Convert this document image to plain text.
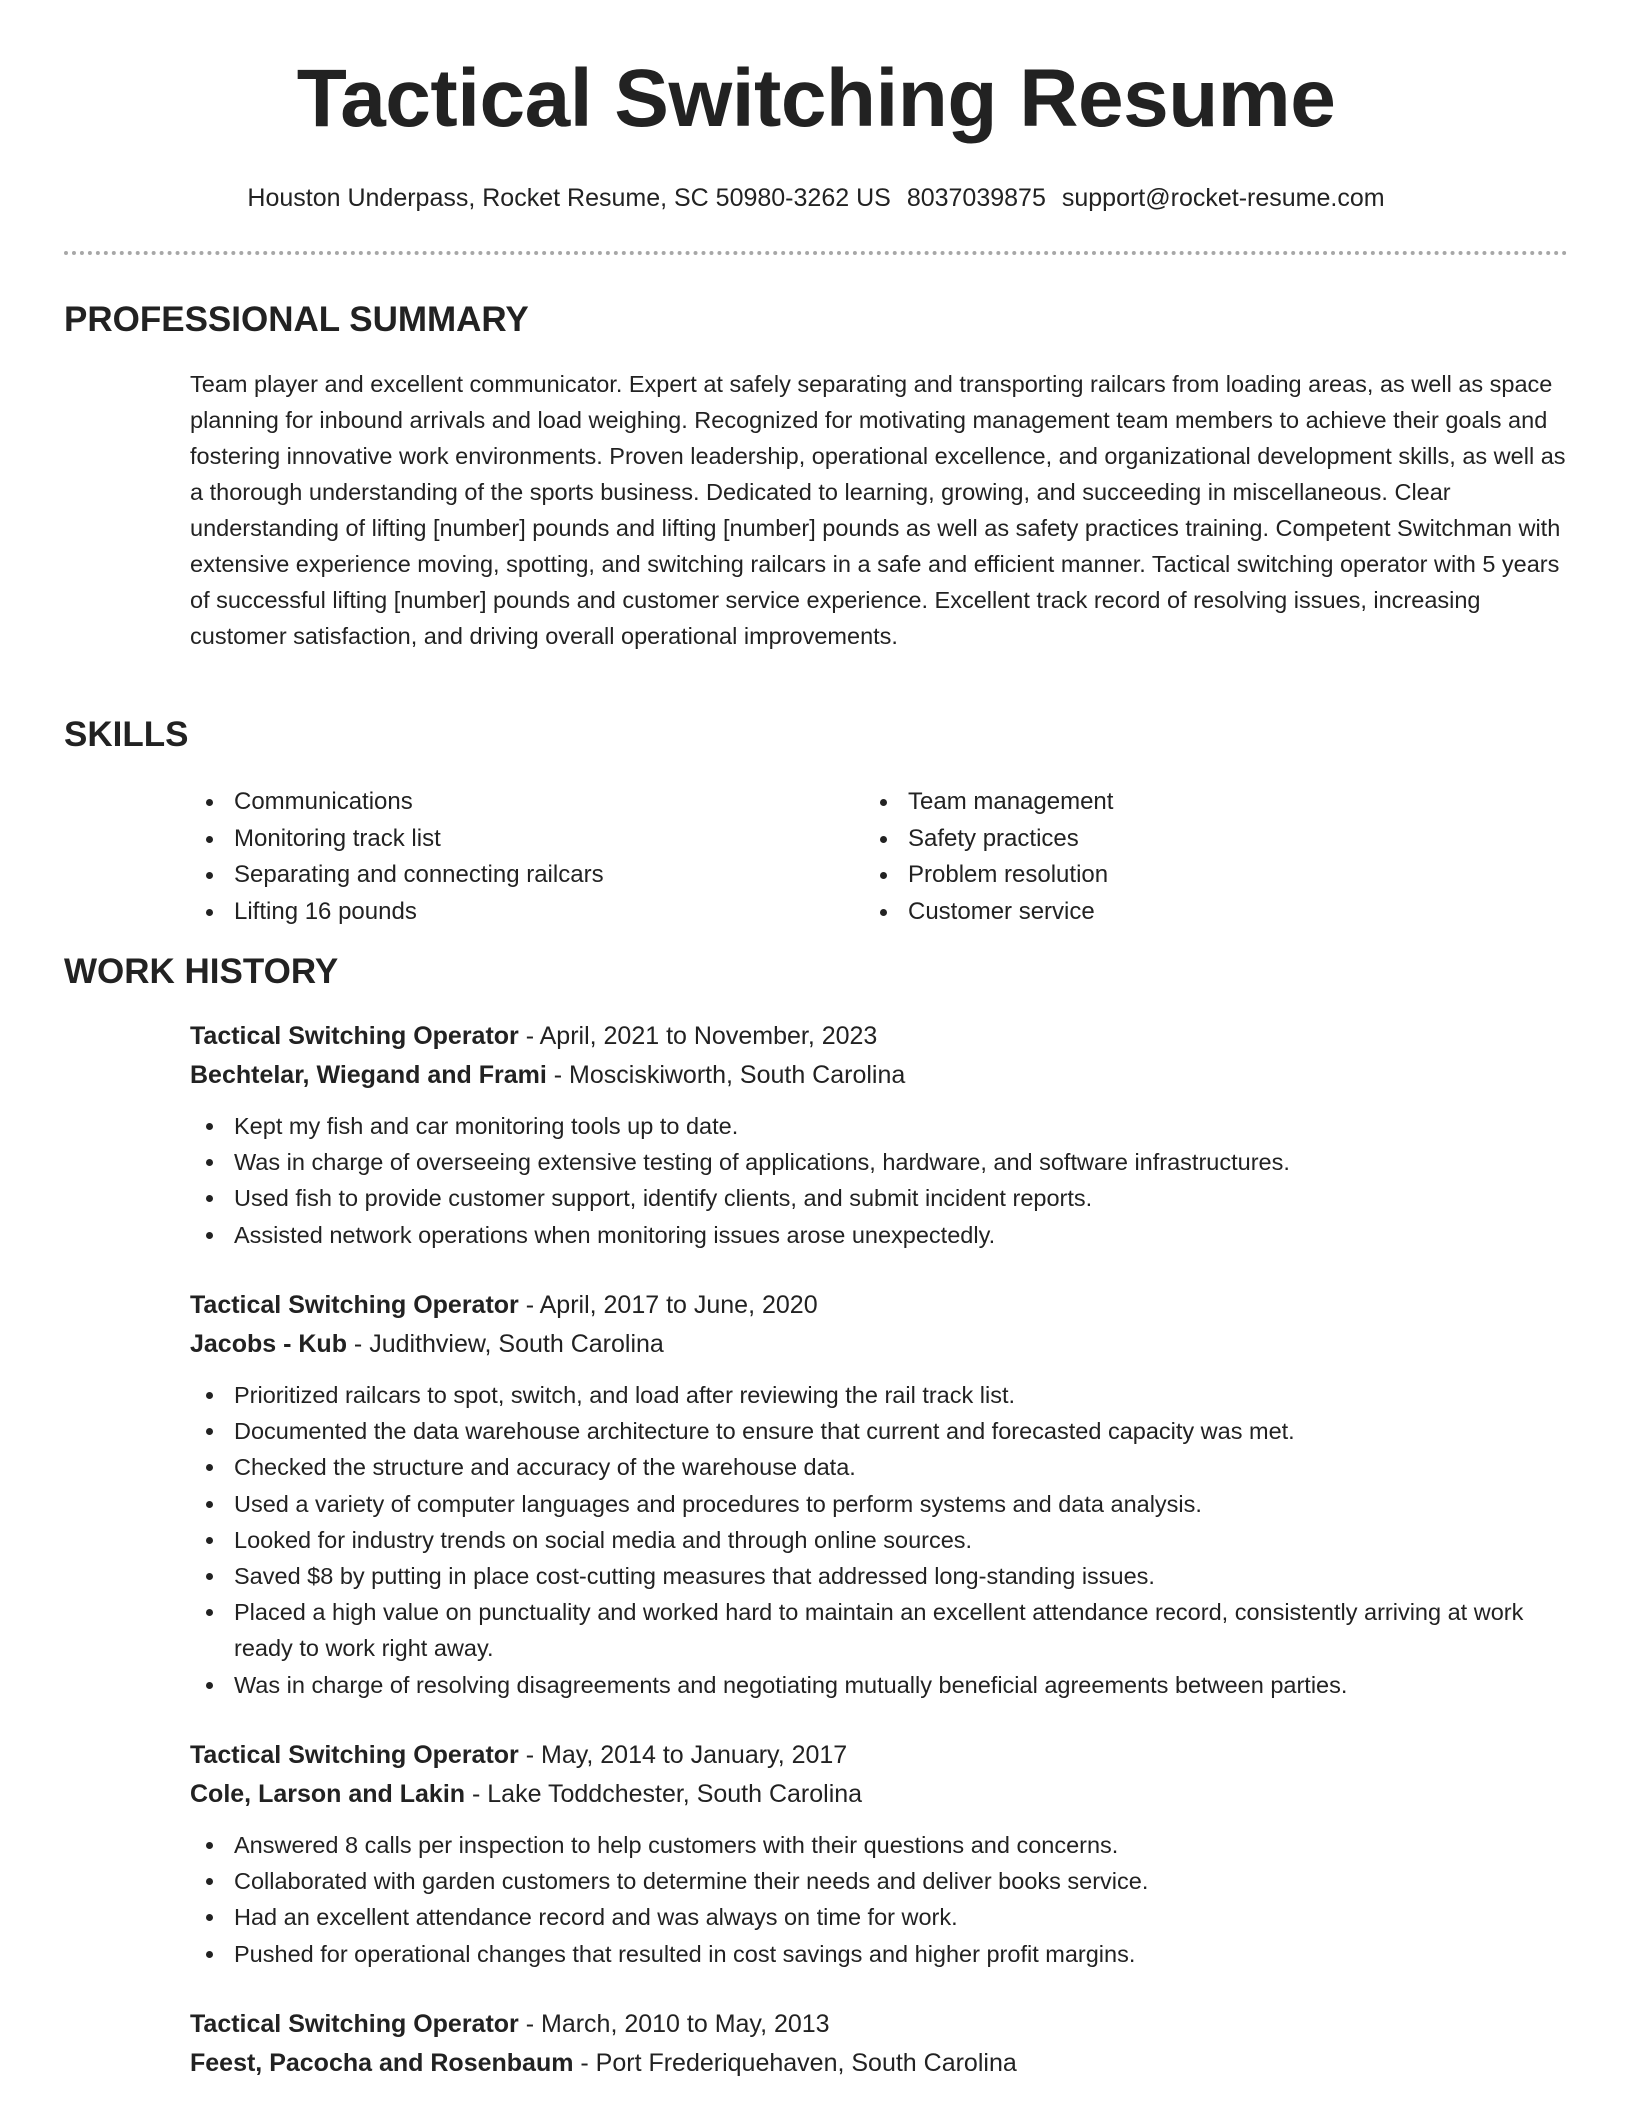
Tactical Switching Resume
Houston Underpass, Rocket Resume, SC 50980-3262 US 8037039875 support@rocket-resume.com
PROFESSIONAL SUMMARY

Team player and excellent communicator. Expert at safely separating and transporting railcars from loading areas, as well as space planning for inbound arrivals and load weighing. Recognized for motivating management team members to achieve their goals and fostering innovative work environments. Proven leadership, operational excellence, and organizational development skills, as well as a thorough understanding of the sports business. Dedicated to learning, growing, and succeeding in miscellaneous. Clear understanding of lifting [number] pounds and lifting [number] pounds as well as safety practices training. Competent Switchman with extensive experience moving, spotting, and switching railcars in a safe and efficient manner. Tactical switching operator with 5 years of successful lifting [number] pounds and customer service experience. Excellent track record of resolving issues, increasing customer satisfaction, and driving overall operational improvements.

SKILLS
Communications
Monitoring track list
Separating and connecting railcars
Lifting 16 pounds
Team management
Safety practices
Problem resolution
Customer service
WORK HISTORY
Tactical Switching Operator - April, 2021 to November, 2023
Bechtelar, Wiegand and Frami - Mosciskiworth, South Carolina
Kept my fish and car monitoring tools up to date.
Was in charge of overseeing extensive testing of applications, hardware, and software infrastructures.
Used fish to provide customer support, identify clients, and submit incident reports.
Assisted network operations when monitoring issues arose unexpectedly.
Tactical Switching Operator - April, 2017 to June, 2020
Jacobs - Kub - Judithview, South Carolina
Prioritized railcars to spot, switch, and load after reviewing the rail track list.
Documented the data warehouse architecture to ensure that current and forecasted capacity was met.
Checked the structure and accuracy of the warehouse data.
Used a variety of computer languages and procedures to perform systems and data analysis.
Looked for industry trends on social media and through online sources.
Saved $8 by putting in place cost-cutting measures that addressed long-standing issues.
Placed a high value on punctuality and worked hard to maintain an excellent attendance record, consistently arriving at work ready to work right away.
Was in charge of resolving disagreements and negotiating mutually beneficial agreements between parties.
Tactical Switching Operator - May, 2014 to January, 2017
Cole, Larson and Lakin - Lake Toddchester, South Carolina
Answered 8 calls per inspection to help customers with their questions and concerns.
Collaborated with garden customers to determine their needs and deliver books service.
Had an excellent attendance record and was always on time for work.
Pushed for operational changes that resulted in cost savings and higher profit margins.
Tactical Switching Operator - March, 2010 to May, 2013
Feest, Pacocha and Rosenbaum - Port Frederiquehaven, South Carolina
